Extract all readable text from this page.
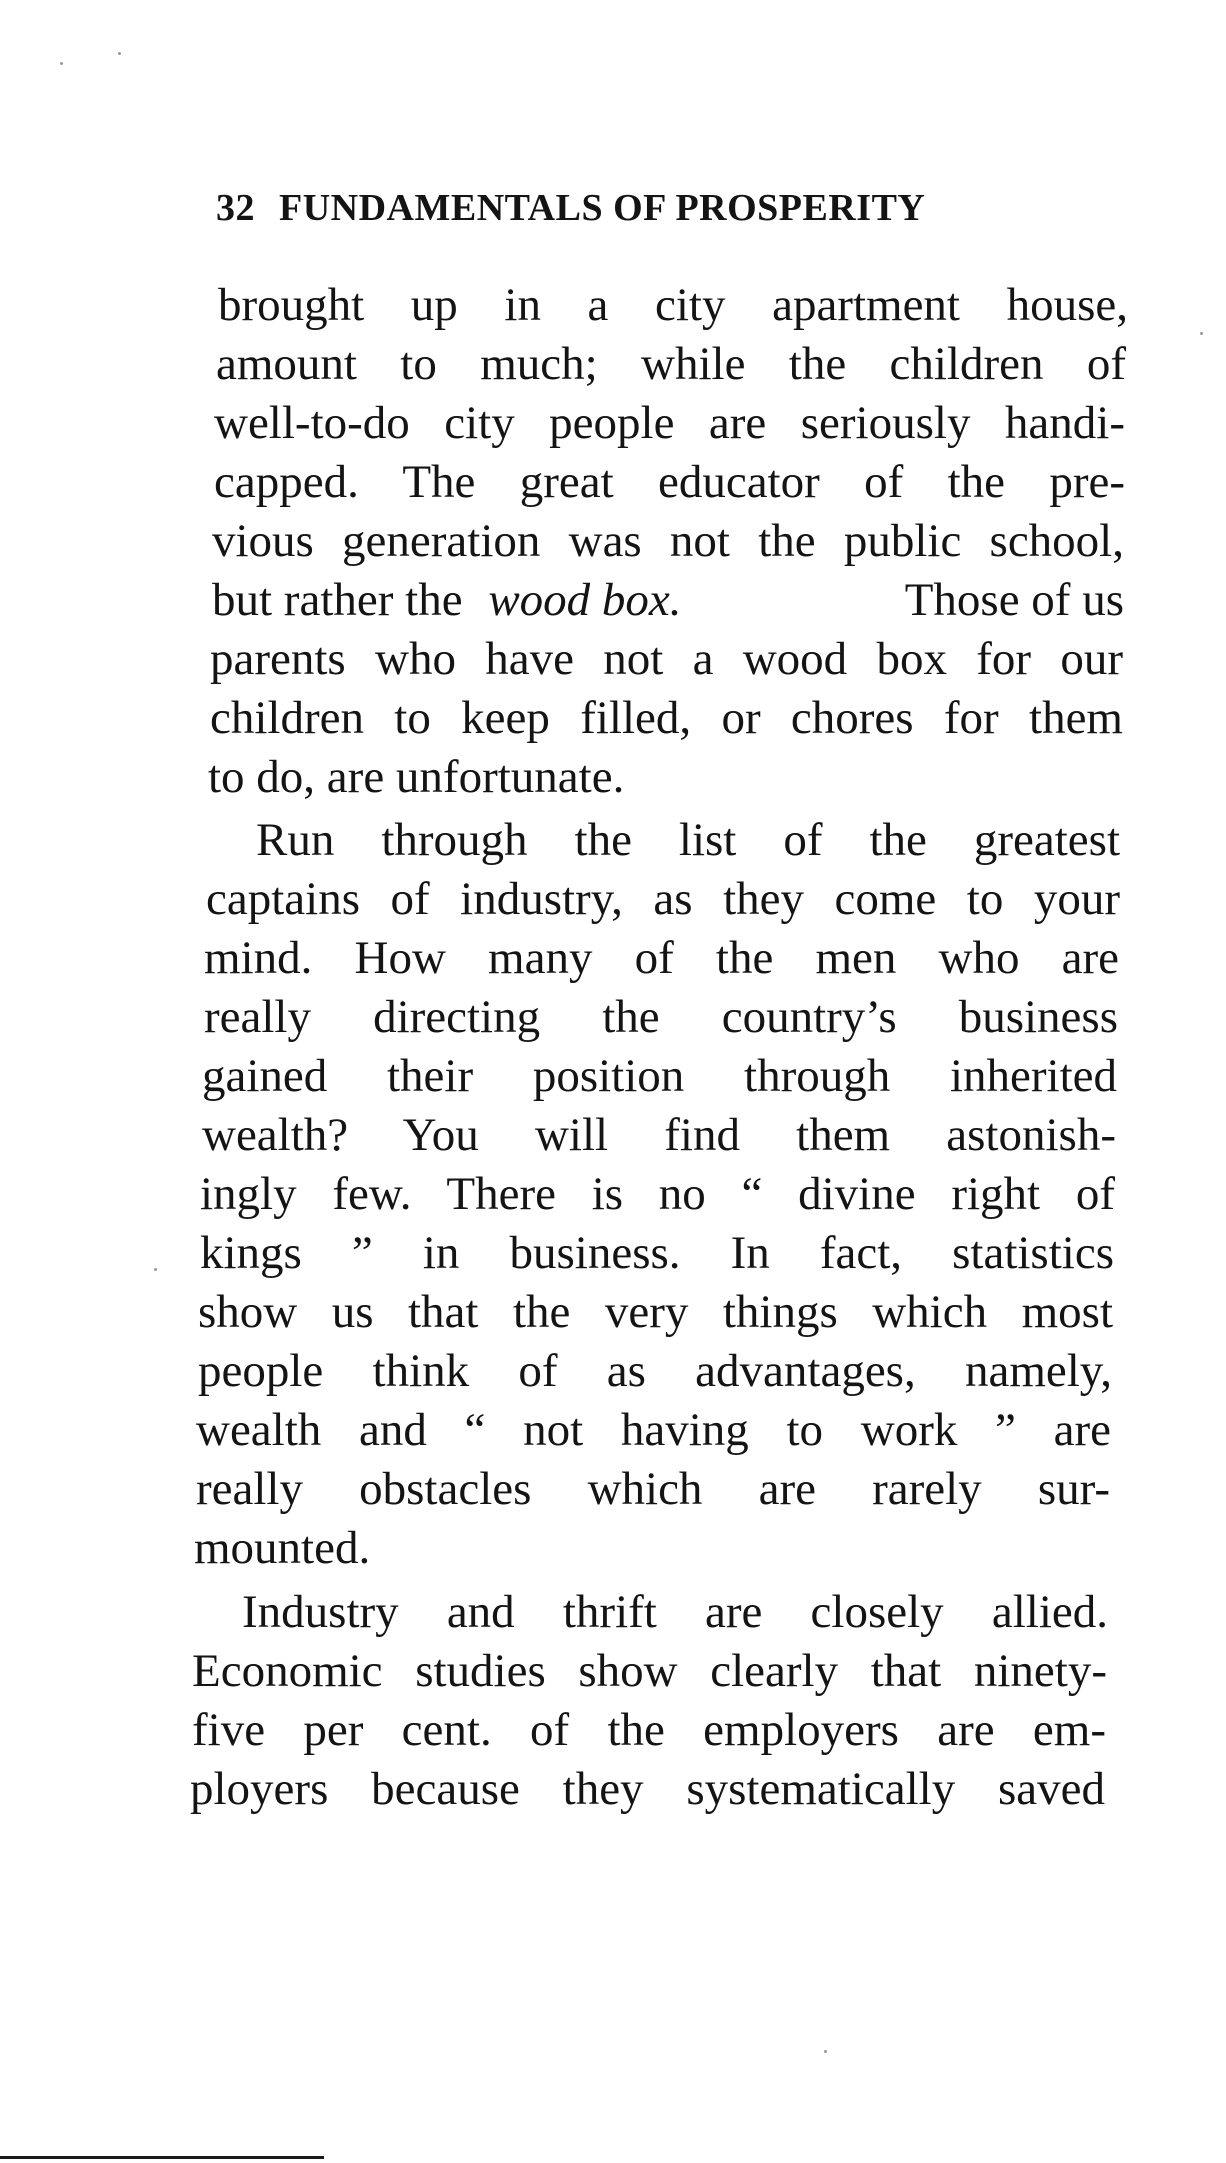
32 FUNDAMENTALS OF PROSPERITY
brought up in a city apartment house,
amount to much; while the children of
well-to-do city people are seriously handi-
capped. The great educator of the pre-
vious generation was not the public school,
but rather the wood box.	Those of us
parents who have not a wood box for our
children to keep filled, or chores for them
to do, are unfortunate.
Run through the list of the greatest
captains of industry, as they come to your
mind. How many of the men who are
really directing the country’s business
gained their position through inherited
wealth? You will find them astonish-
ingly few. There is no “ divine right of
kings ” in business. In fact, statistics
show us that the very things which most
people think of as advantages, namely,
wealth and “ not having to work ” are
really obstacles which are rarely sur-
mounted.
Industry and thrift are closely allied.
Economic studies show clearly that ninety-
five per cent. of the employers are em-
ployers because they systematically saved
